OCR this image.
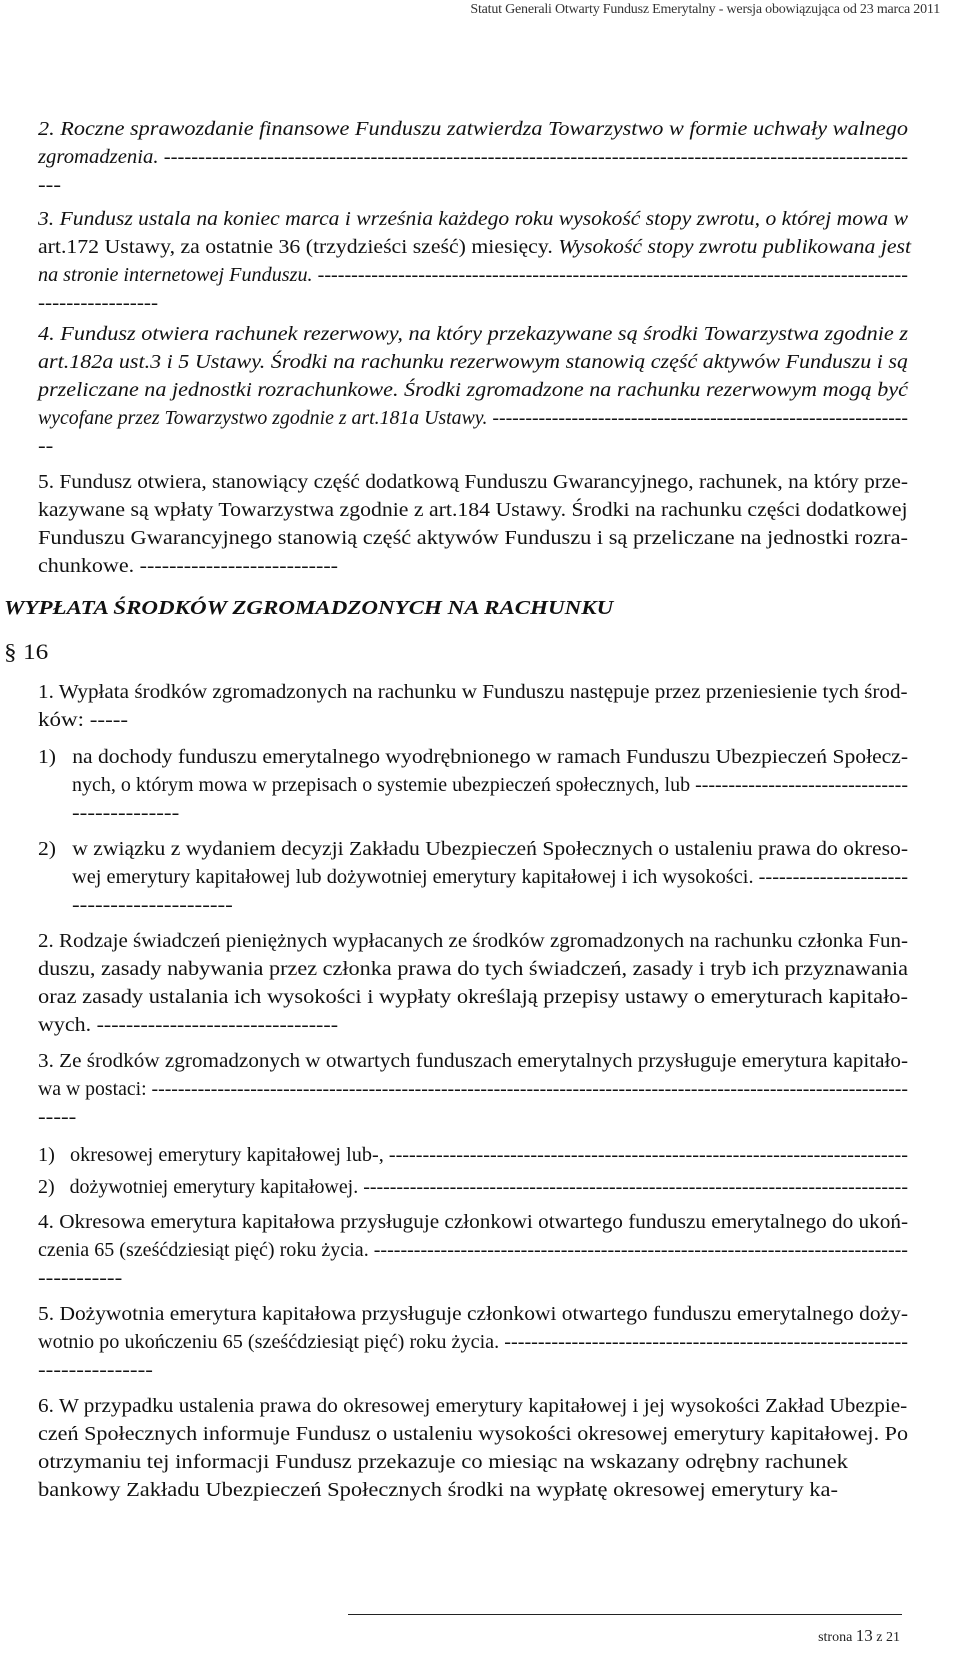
Statut Generali Otwarty Fundusz Emerytalny - wersja obowiązująca od 23 marca 2011
2. Roczne sprawozdanie finansowe Funduszu zatwierdza Towarzystwo w formie uchwały walnego
zgromadzenia. ------------------------------------------------------------------------------------------------------------
---
3. Fundusz ustala na koniec marca i września każdego roku wysokość stopy zwrotu, o której mowa w
art.172 Ustawy, za ostatnie 36 (trzydzieści sześć) miesięcy. Wysokość stopy zwrotu publikowana jest
na stronie internetowej Funduszu. ----------------------------------------------------------------------------------------
-----------------
4. Fundusz otwiera rachunek rezerwowy, na który przekazywane są środki Towarzystwa zgodnie z
art.182a ust.3 i 5 Ustawy. Środki na rachunku rezerwowym stanowią część aktywów Funduszu i są
przeliczane na jednostki rozrachunkowe. Środki zgromadzone na rachunku rezerwowym mogą być
wycofane przez Towarzystwo zgodnie z art.181a Ustawy. ---------------------------------------------------------------
--
5. Fundusz otwiera, stanowiący część dodatkową Funduszu Gwarancyjnego, rachunek, na który prze-
kazywane są wpłaty Towarzystwa zgodnie z art.184 Ustawy. Środki na rachunku części dodatkowej
Funduszu Gwarancyjnego stanowią część aktywów Funduszu i są przeliczane na jednostki rozra-
chunkowe. ---------------------------
WYPŁATA ŚRODKÓW ZGROMADZONYCH NA RACHUNKU
§ 16
1. Wypłata środków zgromadzonych na rachunku w Funduszu następuje przez przeniesienie tych środ-
ków: -----
1)   na dochody funduszu emerytalnego wyodrębnionego w ramach Funduszu Ubezpieczeń Społecz-
nych, o którym mowa w przepisach o systemie ubezpieczeń społecznych, lub --------------------------------
--------------
2)   w związku z wydaniem decyzji Zakładu Ubezpieczeń Społecznych o ustaleniu prawa do okreso-
wej emerytury kapitałowej lub dożywotniej emerytury kapitałowej i ich wysokości. ----------------------
---------------------
2. Rodzaje świadczeń pieniężnych wypłacanych ze środków zgromadzonych na rachunku członka Fun-
duszu, zasady nabywania przez członka prawa do tych świadczeń, zasady i tryb ich przyznawania
oraz zasady ustalania ich wysokości i wypłaty określają przepisy ustawy o emeryturach kapitało-
wych. ---------------------------------
3. Ze środków zgromadzonych w otwartych funduszach emerytalnych przysługuje emerytura kapitało-
wa w postaci: -------------------------------------------------------------------------------------------------------------------
-----
1)   okresowej emerytury kapitałowej lub-, -----------------------------------------------------------------------------
2)   dożywotniej emerytury kapitałowej. ----------------------------------------------------------------------------------
4. Okresowa emerytura kapitałowa przysługuje członkowi otwartego funduszu emerytalnego do ukoń-
czenia 65 (sześćdziesiąt pięć) roku życia. --------------------------------------------------------------------------------
-----------
5. Dożywotnia emerytura kapitałowa przysługuje członkowi otwartego funduszu emerytalnego doży-
wotnio po ukończeniu 65 (sześćdziesiąt pięć) roku życia. ------------------------------------------------------------
---------------
6. W przypadku ustalenia prawa do okresowej emerytury kapitałowej i jej wysokości Zakład Ubezpie-
czeń Społecznych informuje Fundusz o ustaleniu wysokości okresowej emerytury kapitałowej. Po
otrzymaniu tej informacji Fundusz przekazuje co miesiąc na wskazany odrębny rachunek
bankowy Zakładu Ubezpieczeń Społecznych środki na wypłatę okresowej emerytury ka-
strona 13 z 21
